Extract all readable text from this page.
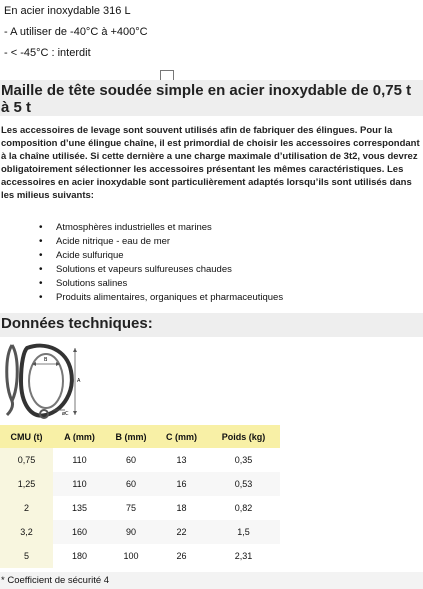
En acier inoxydable 316 L
- A utiliser de -40°C à +400°C
- < -45°C : interdit
Maille de tête soudée simple en acier inoxydable de 0,75 t à 5 t

Les accessoires de levage sont souvent utilisés afin de fabriquer des élingues. Pour la composition d’une élingue chaîne, il est primordial de choisir les accessoires correspondant à la chaîne utilisée. Si cette dernière a une charge maximale d’utilisation de 3t2, vous devrez obligatoirement sélectionner les accessoires présentant les mêmes caractéristiques. Les accessoires en acier inoxydable sont particulièrement adaptés lorsqu’ils sont utilisés dans les milieus suivants:

• Atmosphères industrielles et marines
• Acide nitrique - eau de mer
• Acide sulfurique
• Solutions et vapeurs sulfureuses chaudes
• Solutions salines
• Produits alimentaires, organiques et pharmaceutiques
Données techniques:
B
A
øC
CMU (t)	A (mm)	B (mm)	C (mm)	Poids (kg)
0,75	110	60	13	0,35
1,25	110	60	16	0,53
2	135	75	18	0,82
3,2	160	90	22	1,5
5	180	100	26	2,31
* Coefficient de sécurité 4
